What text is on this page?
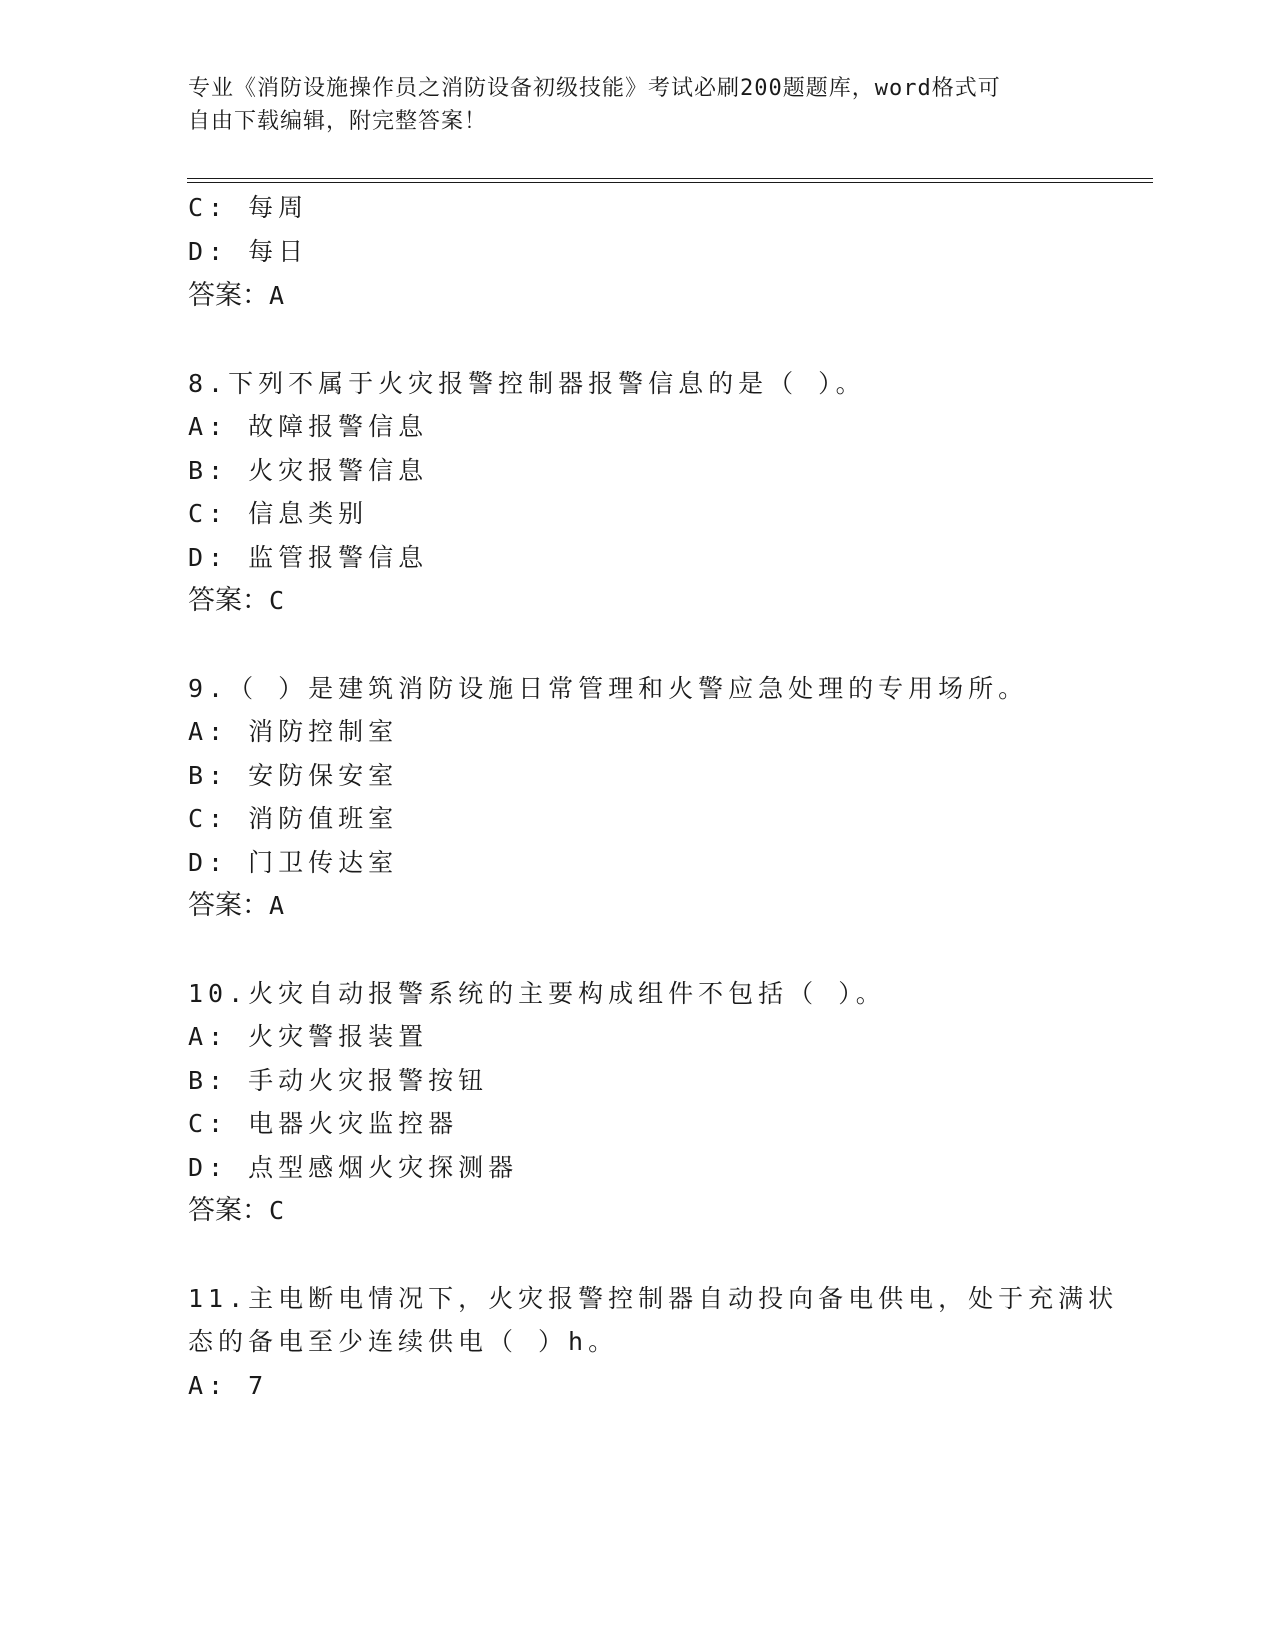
专业《消防设施操作员之消防设备初级技能》考试必刷200题题库，word格式可
自由下载编辑，附完整答案！
C: 每周
D: 每日
答案：A
8.下列不属于火灾报警控制器报警信息的是（ ）。
A: 故障报警信息
B: 火灾报警信息
C: 信息类别
D: 监管报警信息
答案：C
9.（ ）是建筑消防设施日常管理和火警应急处理的专用场所。
A: 消防控制室
B: 安防保安室
C: 消防值班室
D: 门卫传达室
答案：A
10.火灾自动报警系统的主要构成组件不包括（ ）。
A: 火灾警报装置
B: 手动火灾报警按钮
C: 电器火灾监控器
D: 点型感烟火灾探测器
答案：C
11.主电断电情况下，火灾报警控制器自动投向备电供电，处于充满状
态的备电至少连续供电（ ）h。
A: 7
